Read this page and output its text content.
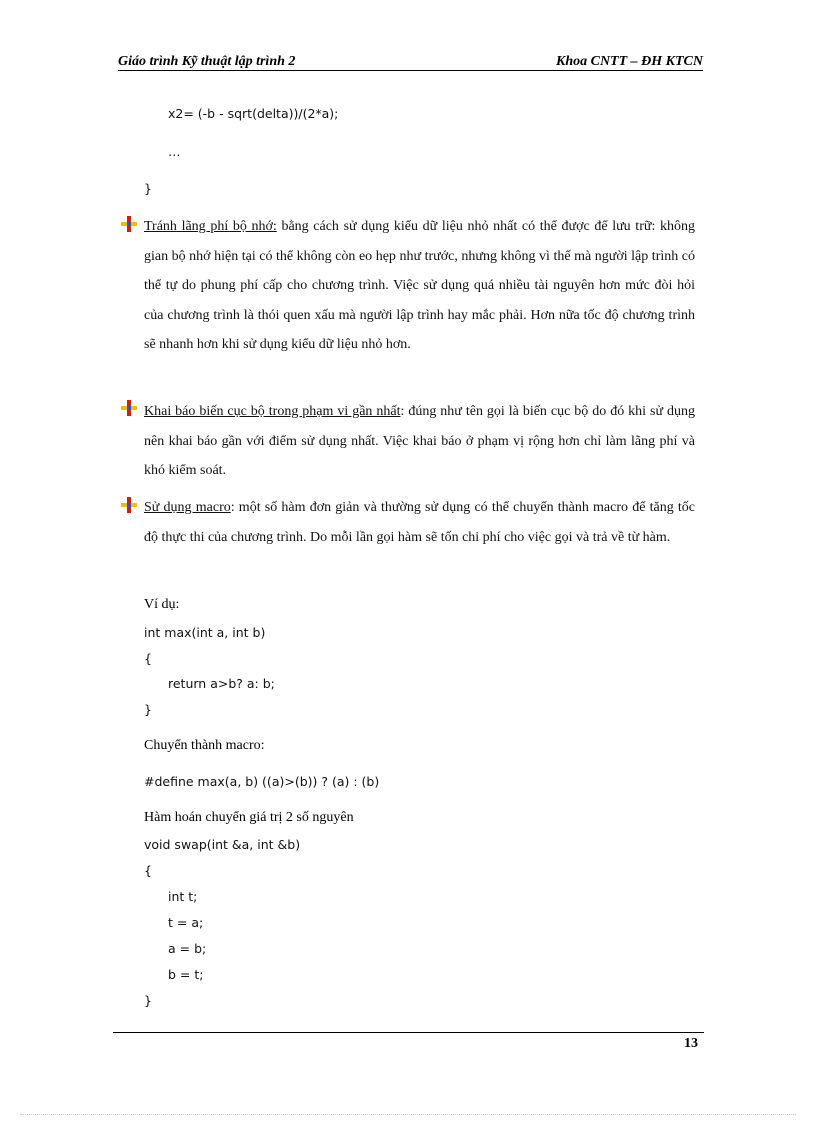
Giáo trình Kỹ thuật lập trình 2	Khoa CNTT – ĐH KTCN
x2= (-b - sqrt(delta))/(2*a);
…
}
Tránh lãng phí bộ nhớ: bằng cách sử dụng kiểu dữ liệu nhỏ nhất có thể được để lưu trữ: không gian bộ nhớ hiện tại có thể không còn eo hẹp như trước, nhưng không vì thế mà người lập trình có thể tự do phung phí cấp cho chương trình. Việc sử dụng quá nhiều tài nguyên hơn mức đòi hỏi của chương trình là thói quen xấu mà người lập trình hay mắc phải. Hơn nữa tốc độ chương trình sẽ nhanh hơn khi sử dụng kiểu dữ liệu nhỏ hơn.
Khai báo biến cục bộ trong phạm vi gần nhất: đúng như tên gọi là biến cục bộ do đó khi sử dụng nên khai báo gần với điểm sử dụng nhất. Việc khai báo ở phạm vị rộng hơn chỉ làm lãng phí và khó kiểm soát.
Sử dụng macro: một số hàm đơn giản và thường sử dụng có thể chuyển thành macro để tăng tốc độ thực thi của chương trình. Do mỗi lần gọi hàm sẽ tốn chi phí cho việc gọi và trả về từ hàm.
Ví dụ:
int max(int a, int b)
{
return a>b? a: b;
}
Chuyển thành macro:
#define max(a, b) ((a)>(b)) ? (a) : (b)
Hàm hoán chuyển giá trị 2 số nguyên
void swap(int &a, int &b)
{
int t;
t = a;
a = b;
b = t;
}
13
